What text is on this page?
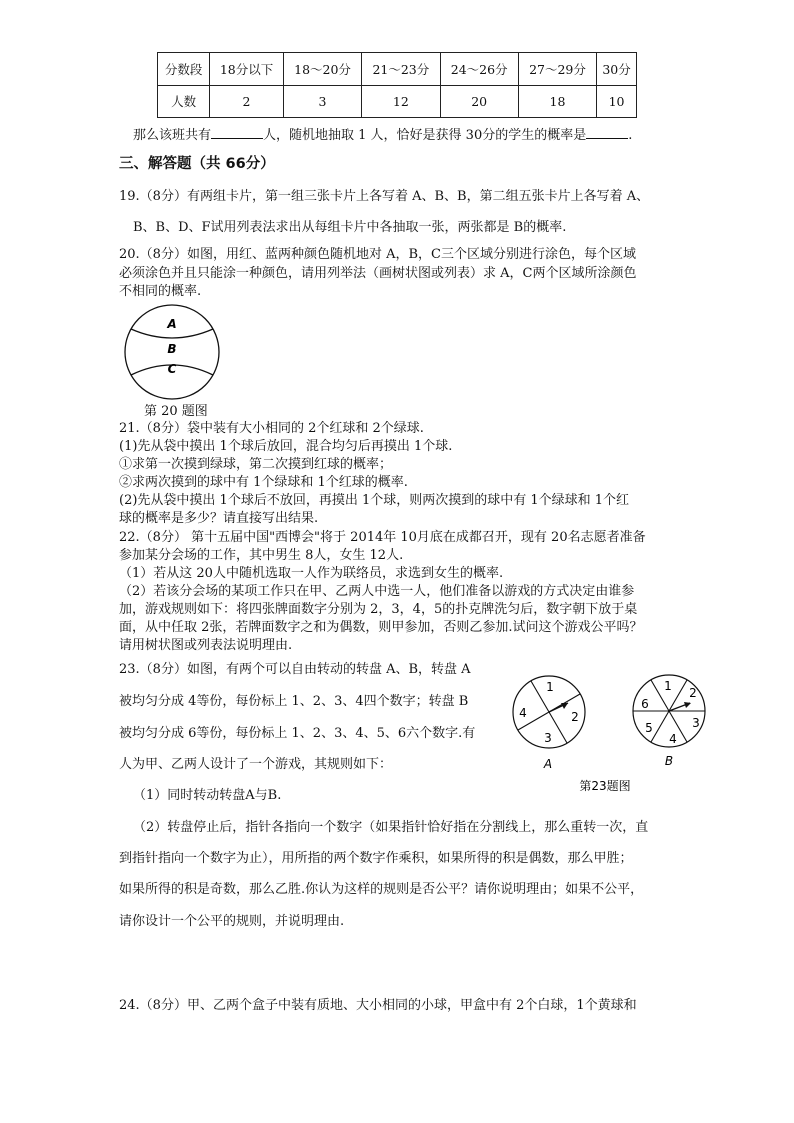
分数段	18分以下	18～20分	21～23分	24～26分	27～29分	30分
人数	2	3	12	20	18	10
那么该班共有	人，随机地抽取 1 人，恰好是获得 30分的学生的概率是	.
三、解答题（共 66分）
19.（8分）有两组卡片，第一组三张卡片上各写着 A、B、B，第二组五张卡片上各写着 A、
B、B、D、F试用列表法求出从每组卡片中各抽取一张，两张都是 B的概率.
20.（8分）如图，用红、蓝两种颜色随机地对 A，B，C三个区域分别进行涂色，每个区域
必须涂色并且只能涂一种颜色，请用列举法（画树状图或列表）求 A，C两个区域所涂颜色
不相同的概率.
A
B
C
第 20 题图
21.（8分）袋中装有大小相同的 2个红球和 2个绿球.
(1)先从袋中摸出 1个球后放回，混合均匀后再摸出 1个球.
①求第一次摸到绿球，第二次摸到红球的概率；
②求两次摸到的球中有 1个绿球和 1个红球的概率.
(2)先从袋中摸出 1个球后不放回，再摸出 1个球，则两次摸到的球中有 1个绿球和 1个红
球的概率是多少？请直接写出结果.
22.（8分） 第十五届中国"西博会"将于 2014年 10月底在成都召开，现有 20名志愿者准备
参加某分会场的工作，其中男生 8人，女生 12人.
（1）若从这 20人中随机选取一人作为联络员，求选到女生的概率.
（2）若该分会场的某项工作只在甲、乙两人中选一人，他们准备以游戏的方式决定由谁参
加，游戏规则如下：将四张牌面数字分别为 2，3，4，5的扑克牌洗匀后，数字朝下放于桌
面，从中任取 2张，若牌面数字之和为偶数，则甲参加，否则乙参加.试问这个游戏公平吗？
请用树状图或列表法说明理由.
23.（8分）如图，有两个可以自由转动的转盘 A、B，转盘 A
被均匀分成 4等份，每份标上 1、2、3、4四个数字；转盘 B
被均匀分成 6等份，每份标上 1、2、3、4、5、6六个数字.有
人为甲、乙两人设计了一个游戏，其规则如下：
（1）同时转动转盘A与B.
（2）转盘停止后，指针各指向一个数字（如果指针恰好指在分割线上，那么重转一次，直
到指针指向一个数字为止），用所指的两个数字作乘积，如果所得的积是偶数，那么甲胜；
如果所得的积是奇数，那么乙胜.你认为这样的规则是否公平？请你说明理由；如果不公平，
请你设计一个公平的规则，并说明理由.
1
2
3
4
A
1 2
3
4
5
6
B
第23题图
24.（8分）甲、乙两个盒子中装有质地、大小相同的小球，甲盒中有 2个白球，1个黄球和
